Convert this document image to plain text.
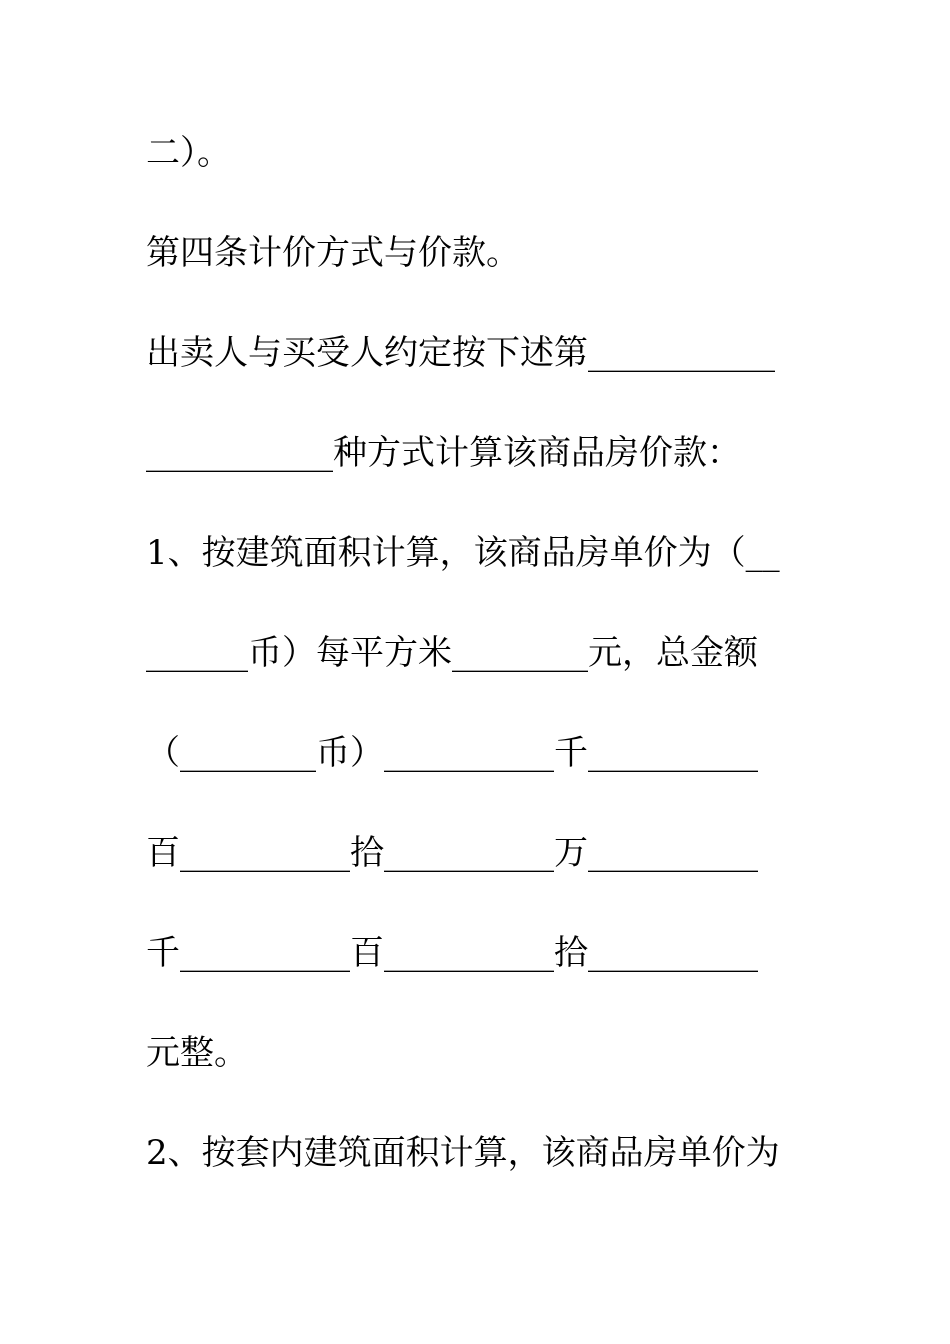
二）。
第四条计价方式与价款。
出卖人与买受人约定按下述第___________
___________种方式计算该商品房价款：
1、按建筑面积计算，该商品房单价为（__
______币）每平方米________元，总金额
（________币）__________千__________
百__________拾__________万__________
千__________百__________拾__________
元整。
2、按套内建筑面积计算，该商品房单价为
